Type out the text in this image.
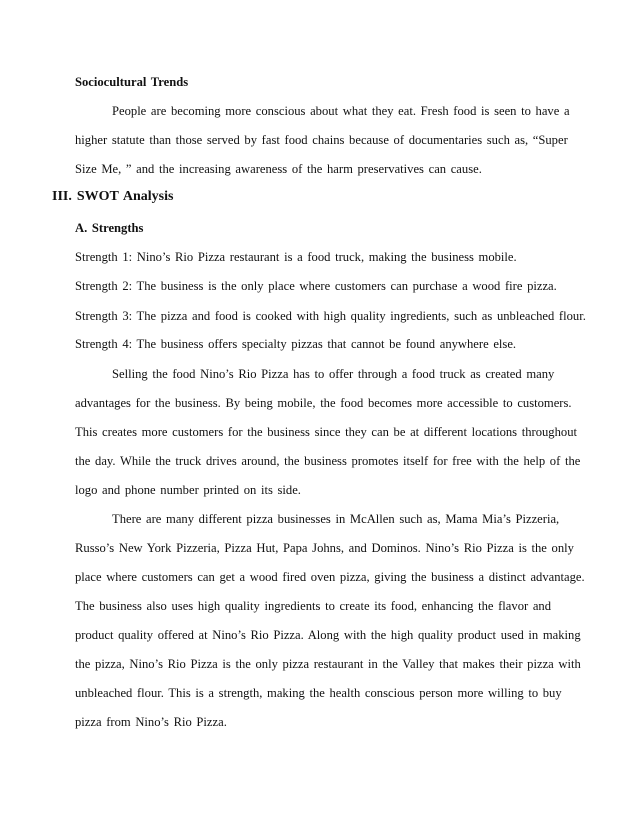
Sociocultural Trends
People are becoming more conscious about what they eat. Fresh food is seen to have a
higher statute than those served by fast food chains because of documentaries such as, “Super
Size Me, ” and the increasing awareness of the harm preservatives can cause.
III. SWOT Analysis
A. Strengths
Strength 1: Nino’s Rio Pizza restaurant is a food truck, making the business mobile.
Strength 2: The business is the only place where customers can purchase a wood fire pizza.
Strength 3: The pizza and food is cooked with high quality ingredients, such as unbleached flour.
Strength 4: The business offers specialty pizzas that cannot be found anywhere else.
Selling the food Nino’s Rio Pizza has to offer through a food truck as created many
advantages for the business. By being mobile, the food becomes more accessible to customers.
This creates more customers for the business since they can be at different locations throughout
the day. While the truck drives around, the business promotes itself for free with the help of the
logo and phone number printed on its side.
There are many different pizza businesses in McAllen such as, Mama Mia’s Pizzeria,
Russo’s New York Pizzeria, Pizza Hut, Papa Johns, and Dominos. Nino’s Rio Pizza is the only
place where customers can get a wood fired oven pizza, giving the business a distinct advantage.
The business also uses high quality ingredients to create its food, enhancing the flavor and
product quality offered at Nino’s Rio Pizza. Along with the high quality product used in making
the pizza, Nino’s Rio Pizza is the only pizza restaurant in the Valley that makes their pizza with
unbleached flour. This is a strength, making the health conscious person more willing to buy
pizza from Nino’s Rio Pizza.
